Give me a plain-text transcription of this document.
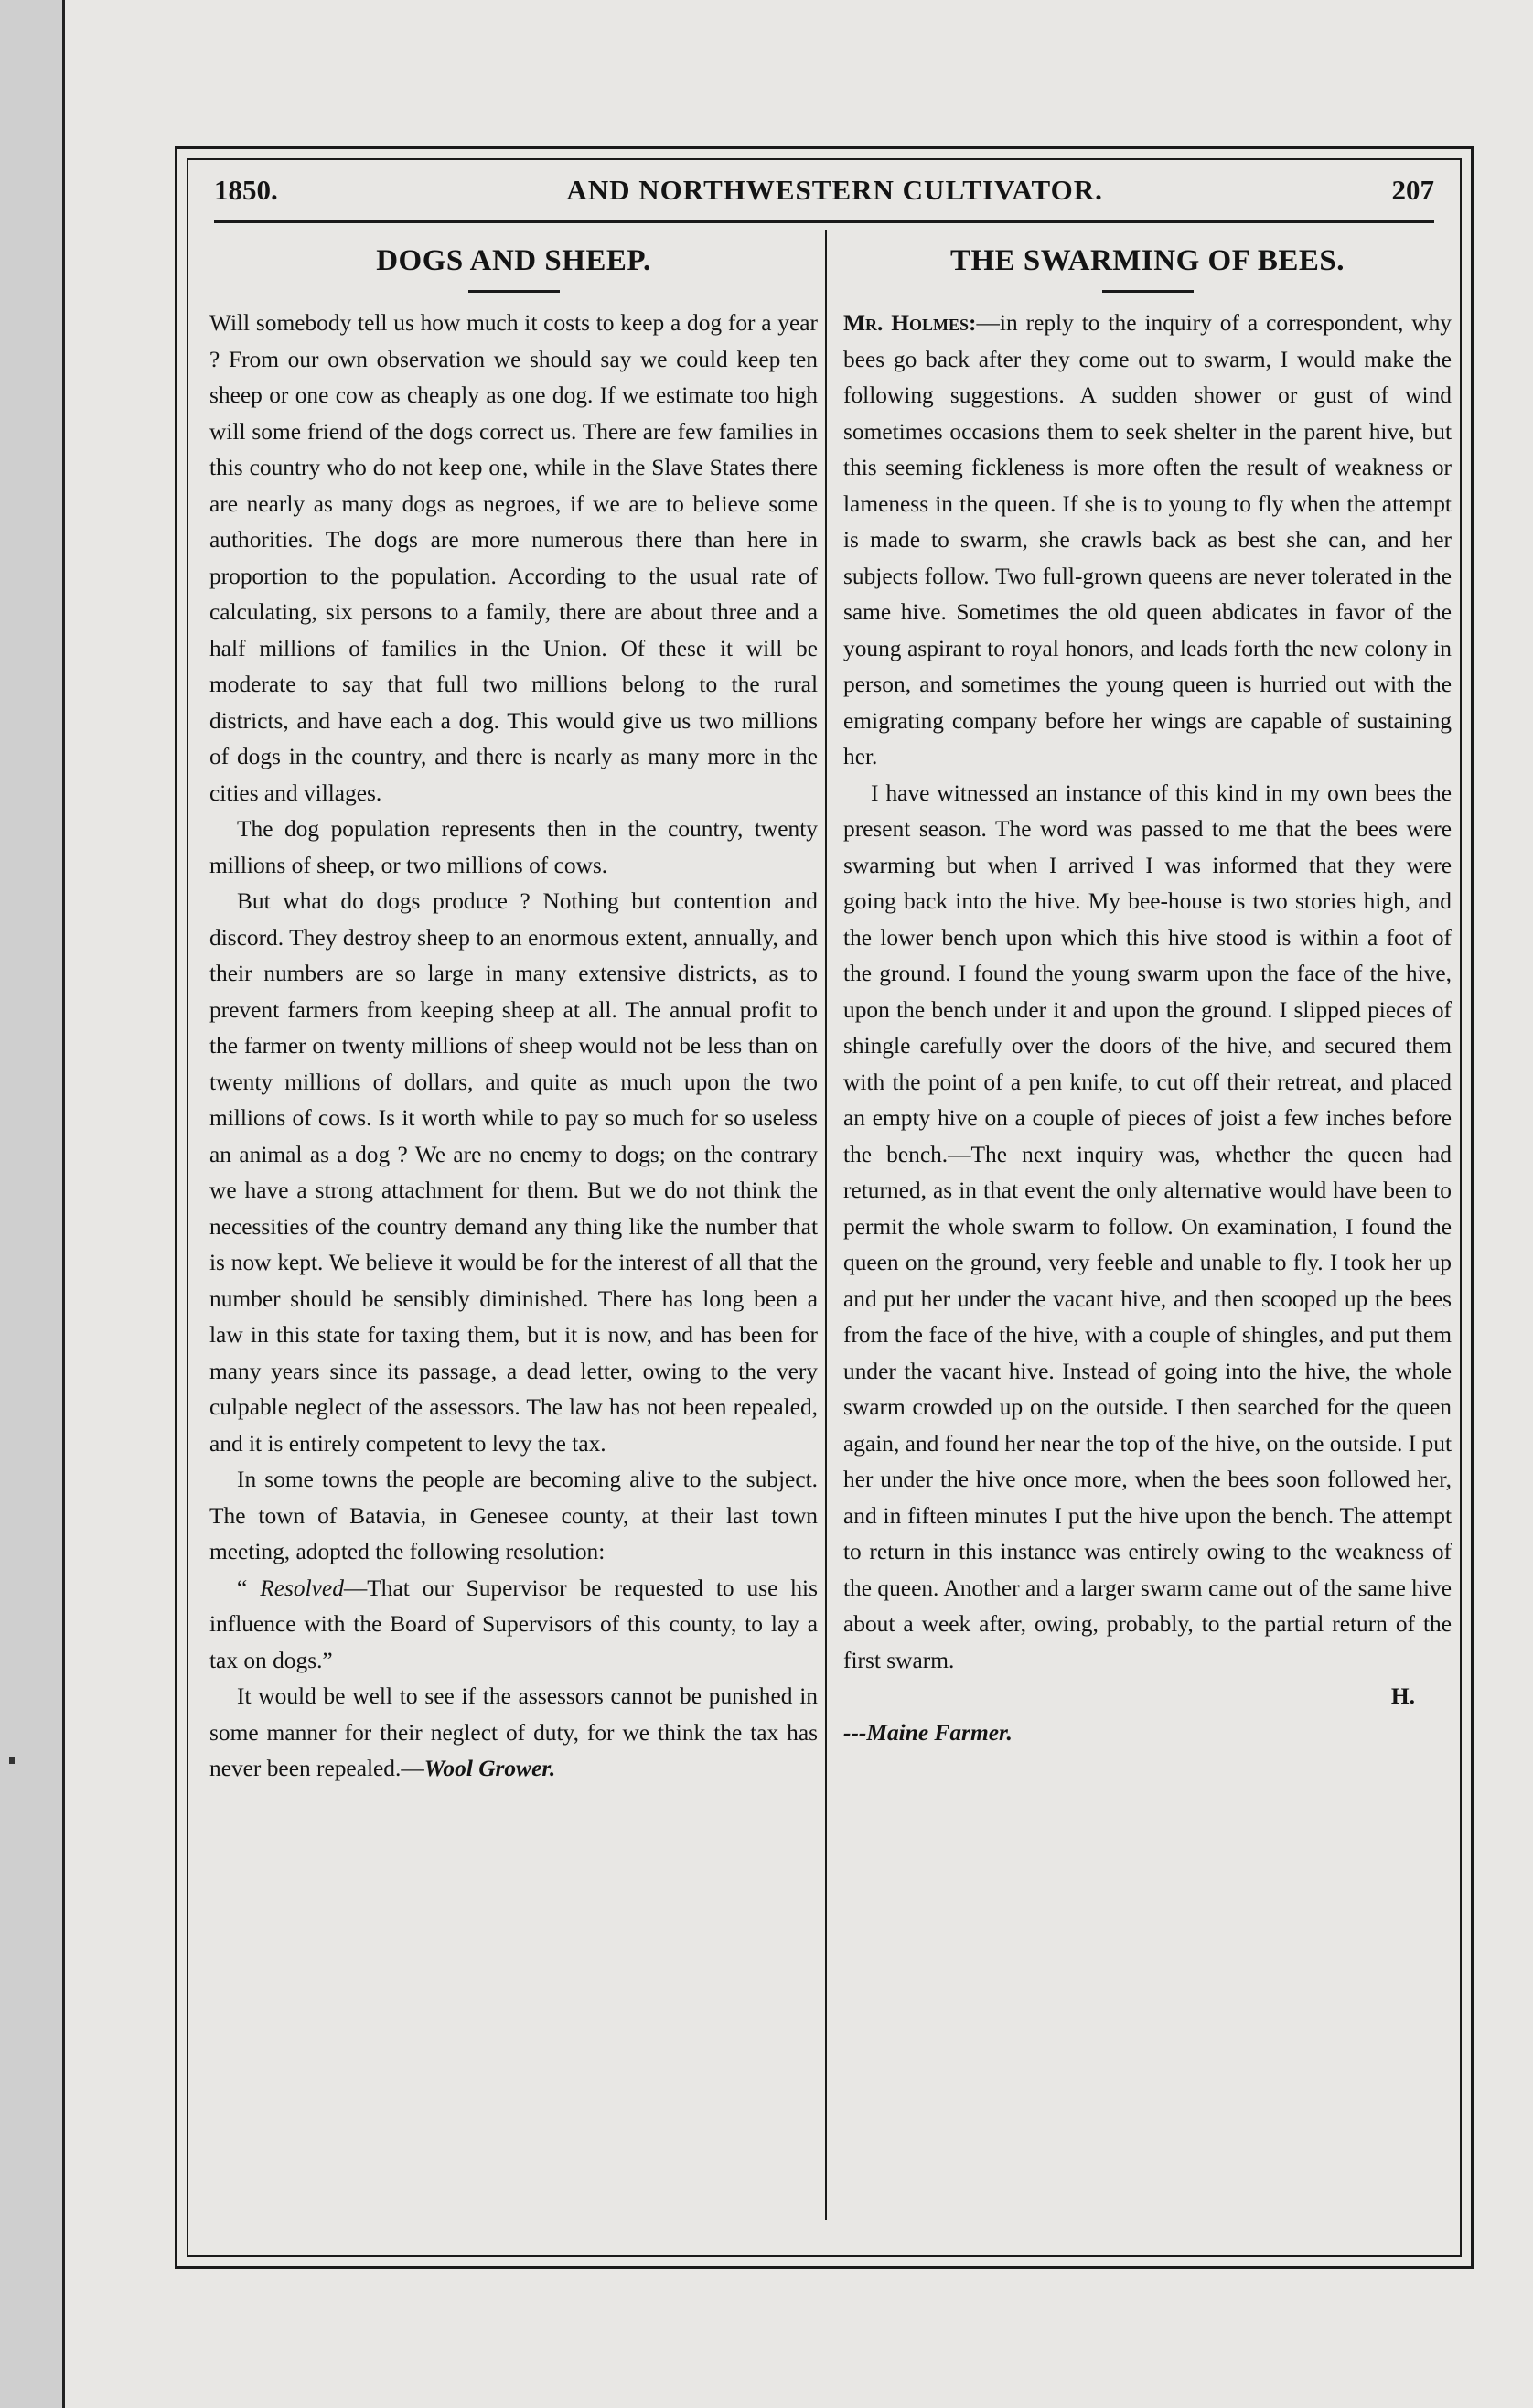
1850.	AND NORTHWESTERN CULTIVATOR.	207
DOGS AND SHEEP.

Will somebody tell us how much it costs to keep a dog for a year ? From our own observation we should say we could keep ten sheep or one cow as cheaply as one dog. If we estimate too high will some friend of the dogs correct us. There are few families in this country who do not keep one, while in the Slave States there are nearly as many dogs as negroes, if we are to believe some authorities. The dogs are more numerous there than here in proportion to the population. According to the usual rate of calculating, six persons to a family, there are about three and a half millions of families in the Union. Of these it will be moderate to say that full two millions belong to the rural districts, and have each a dog. This would give us two millions of dogs in the country, and there is nearly as many more in the cities and villages.

The dog population represents then in the country, twenty millions of sheep, or two millions of cows.

But what do dogs produce ? Nothing but contention and discord. They destroy sheep to an enormous extent, annually, and their numbers are so large in many extensive districts, as to prevent farmers from keeping sheep at all. The annual profit to the farmer on twenty millions of sheep would not be less than on twenty millions of dollars, and quite as much upon the two millions of cows. Is it worth while to pay so much for so useless an animal as a dog ? We are no enemy to dogs; on the contrary we have a strong attachment for them. But we do not think the necessities of the country demand any thing like the number that is now kept. We believe it would be for the interest of all that the number should be sensibly diminished. There has long been a law in this state for taxing them, but it is now, and has been for many years since its passage, a dead letter, owing to the very culpable neglect of the assessors. The law has not been repealed, and it is entirely competent to levy the tax.

In some towns the people are becoming alive to the subject. The town of Batavia, in Genesee county, at their last town meeting, adopted the following resolution:

“ Resolved—That our Supervisor be requested to use his influence with the Board of Supervisors of this county, to lay a tax on dogs.”

It would be well to see if the assessors cannot be punished in some manner for their neglect of duty, for we think the tax has never been repealed.—Wool Grower.

THE SWARMING OF BEES.

Mr. Holmes:—in reply to the inquiry of a correspondent, why bees go back after they come out to swarm, I would make the following suggestions. A sudden shower or gust of wind sometimes occasions them to seek shelter in the parent hive, but this seeming fickleness is more often the result of weakness or lameness in the queen. If she is to young to fly when the attempt is made to swarm, she crawls back as best she can, and her subjects follow. Two full-grown queens are never tolerated in the same hive. Sometimes the old queen abdicates in favor of the young aspirant to royal honors, and leads forth the new colony in person, and sometimes the young queen is hurried out with the emigrating company before her wings are capable of sustaining her.

I have witnessed an instance of this kind in my own bees the present season. The word was passed to me that the bees were swarming but when I arrived I was informed that they were going back into the hive. My bee-house is two stories high, and the lower bench upon which this hive stood is within a foot of the ground. I found the young swarm upon the face of the hive, upon the bench under it and upon the ground. I slipped pieces of shingle carefully over the doors of the hive, and secured them with the point of a pen knife, to cut off their retreat, and placed an empty hive on a couple of pieces of joist a few inches before the bench.—The next inquiry was, whether the queen had returned, as in that event the only alternative would have been to permit the whole swarm to follow. On examination, I found the queen on the ground, very feeble and unable to fly. I took her up and put her under the vacant hive, and then scooped up the bees from the face of the hive, with a couple of shingles, and put them under the vacant hive. Instead of going into the hive, the whole swarm crowded up on the outside. I then searched for the queen again, and found her near the top of the hive, on the outside. I put her under the hive once more, when the bees soon followed her, and in fifteen minutes I put the hive upon the bench. The attempt to return in this instance was entirely owing to the weakness of the queen. Another and a larger swarm came out of the same hive about a week after, owing, probably, to the partial return of the first swarm.

H.
---Maine Farmer.
